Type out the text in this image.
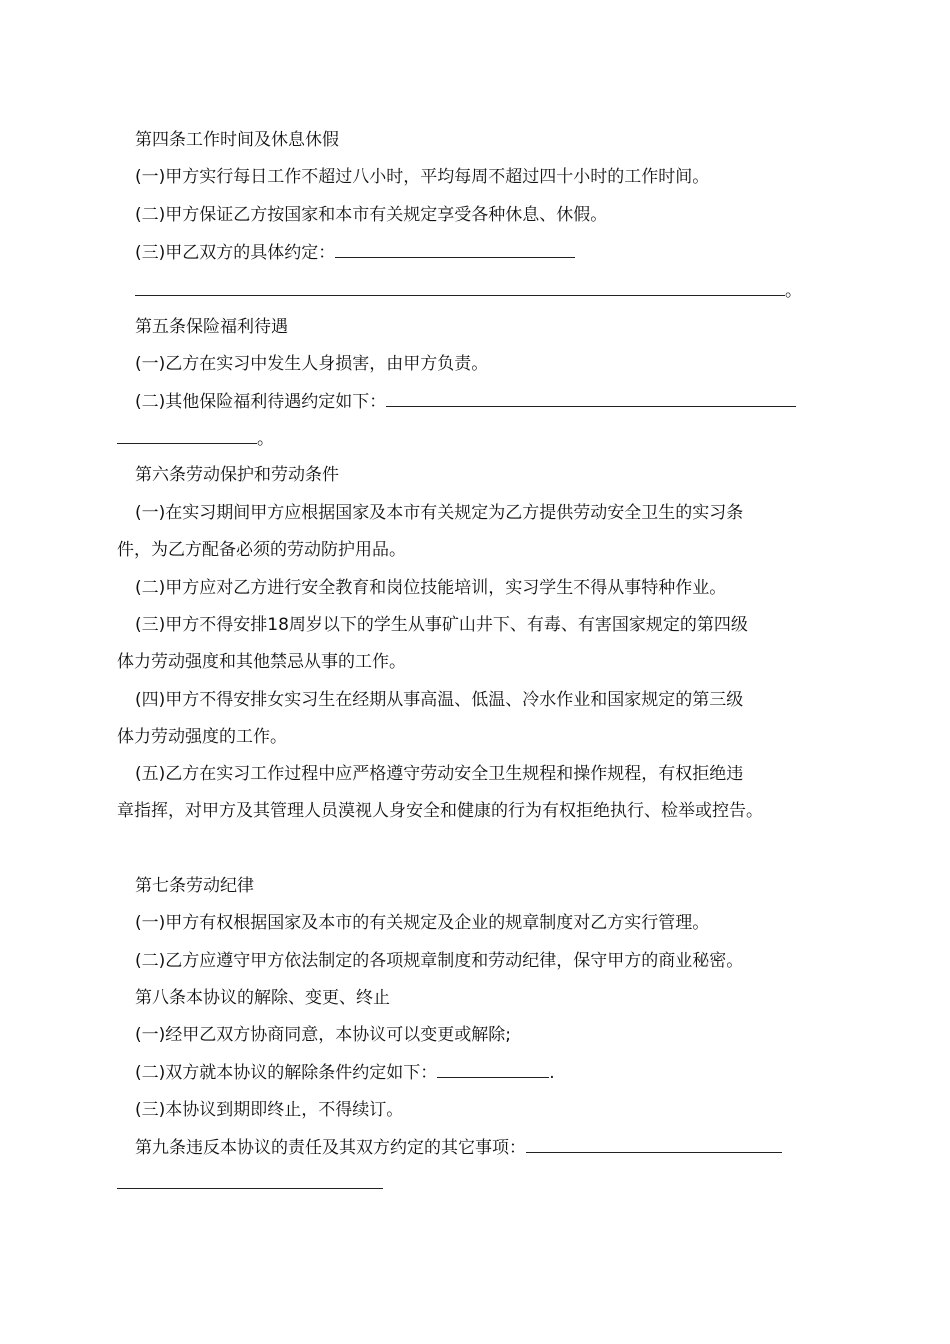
第四条工作时间及休息休假
(一)甲方实行每日工作不超过八小时，平均每周不超过四十小时的工作时间。
(二)甲方保证乙方按国家和本市有关规定享受各种休息、休假。
(三)甲乙双方的具体约定：
。
第五条保险福利待遇
(一)乙方在实习中发生人身损害，由甲方负责。
(二)其他保险福利待遇约定如下：
。
第六条劳动保护和劳动条件
(一)在实习期间甲方应根据国家及本市有关规定为乙方提供劳动安全卫生的实习条
件，为乙方配备必须的劳动防护用品。
(二)甲方应对乙方进行安全教育和岗位技能培训，实习学生不得从事特种作业。
(三)甲方不得安排18周岁以下的学生从事矿山井下、有毒、有害国家规定的第四级
体力劳动强度和其他禁忌从事的工作。
(四)甲方不得安排女实习生在经期从事高温、低温、冷水作业和国家规定的第三级
体力劳动强度的工作。
(五)乙方在实习工作过程中应严格遵守劳动安全卫生规程和操作规程，有权拒绝违
章指挥，对甲方及其管理人员漠视人身安全和健康的行为有权拒绝执行、检举或控告。
第七条劳动纪律
(一)甲方有权根据国家及本市的有关规定及企业的规章制度对乙方实行管理。
(二)乙方应遵守甲方依法制定的各项规章制度和劳动纪律，保守甲方的商业秘密。
第八条本协议的解除、变更、终止
(一)经甲乙双方协商同意，本协议可以变更或解除;
(二)双方就本协议的解除条件约定如下：	.
(三)本协议到期即终止，不得续订。
第九条违反本协议的责任及其双方约定的其它事项：
